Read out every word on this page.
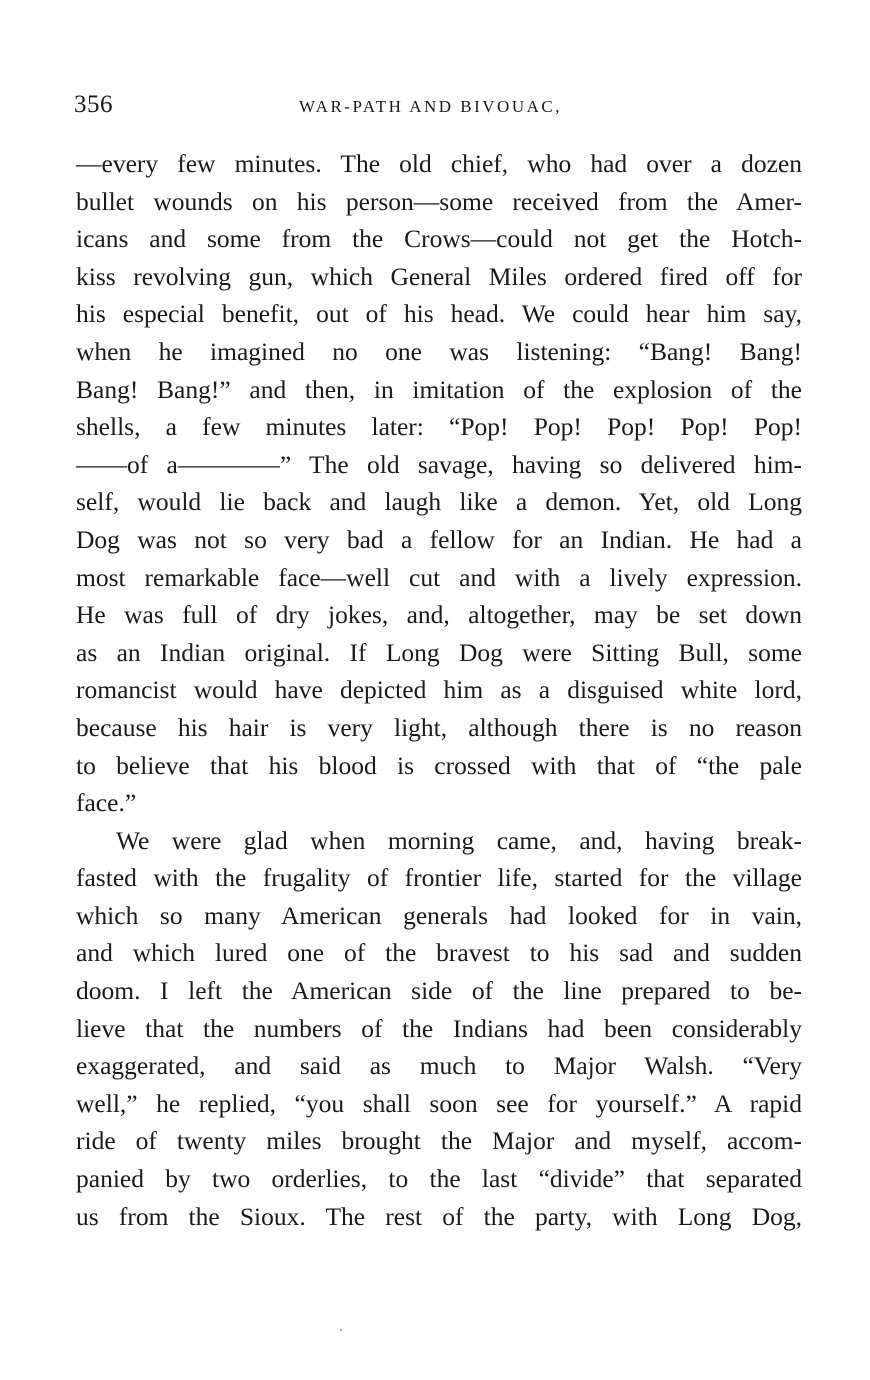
356	WAR-PATH AND BIVOUAC,
—every few minutes. The old chief, who had over a dozen
bullet wounds on his person—some received from the Amer-
icans and some from the Crows—could not get the Hotch-
kiss revolving gun, which General Miles ordered fired off for
his especial benefit, out of his head. We could hear him say,
when he imagined no one was listening: “Bang! Bang!
Bang! Bang!” and then, in imitation of the explosion of the
shells, a few minutes later: “Pop! Pop! Pop! Pop! Pop!
——of a————” The old savage, having so delivered him-
self, would lie back and laugh like a demon. Yet, old Long
Dog was not so very bad a fellow for an Indian. He had a
most remarkable face—well cut and with a lively expression.
He was full of dry jokes, and, altogether, may be set down
as an Indian original. If Long Dog were Sitting Bull, some
romancist would have depicted him as a disguised white lord,
because his hair is very light, although there is no reason
to believe that his blood is crossed with that of “the pale
face.”
We were glad when morning came, and, having break-
fasted with the frugality of frontier life, started for the village
which so many American generals had looked for in vain,
and which lured one of the bravest to his sad and sudden
doom. I left the American side of the line prepared to be-
lieve that the numbers of the Indians had been considerably
exaggerated, and said as much to Major Walsh. “Very
well,” he replied, “you shall soon see for yourself.” A rapid
ride of twenty miles brought the Major and myself, accom-
panied by two orderlies, to the last “divide” that separated
us from the Sioux. The rest of the party, with Long Dog,
